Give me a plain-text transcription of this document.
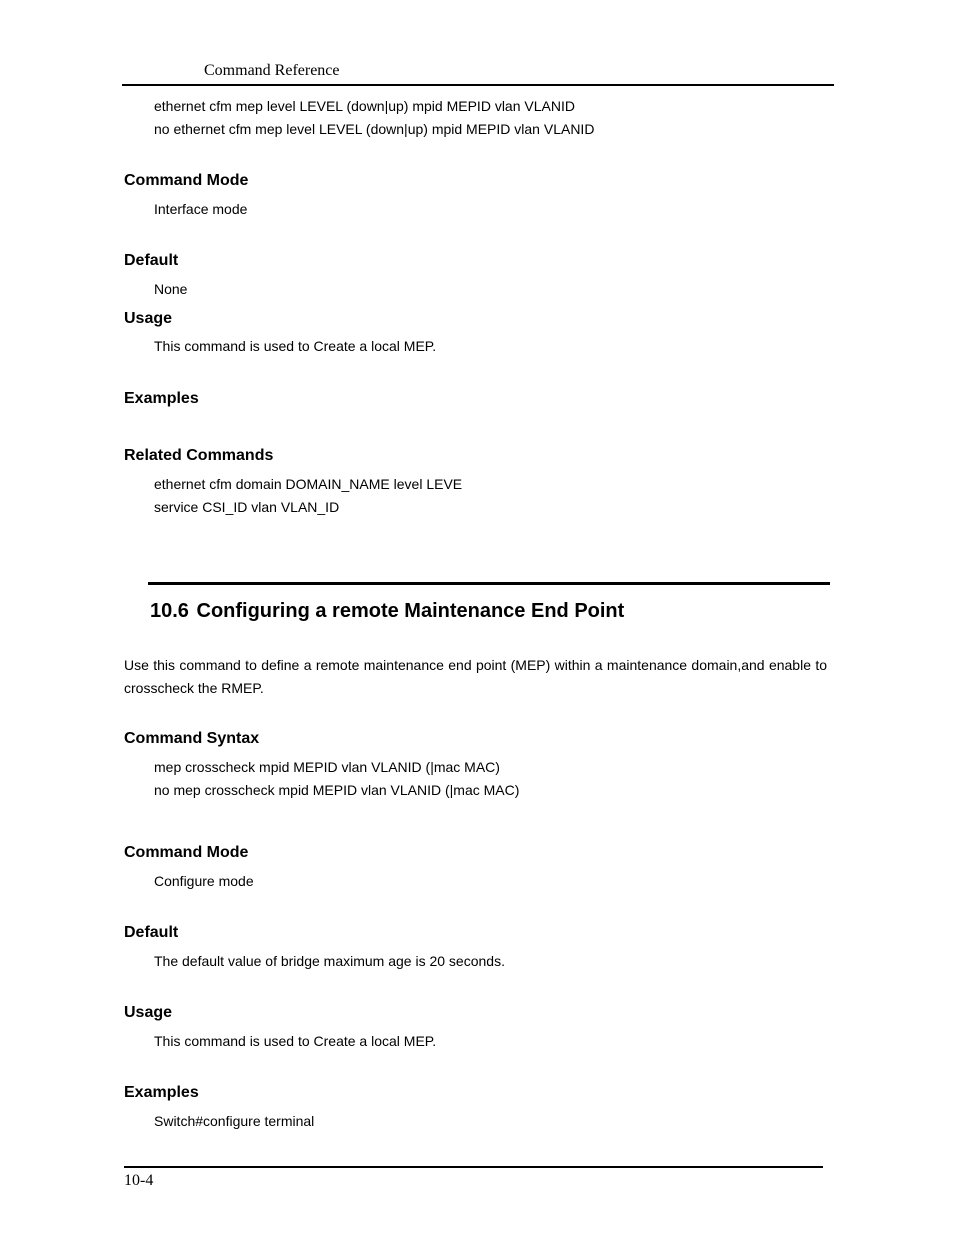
Command Reference
ethernet cfm mep level LEVEL (down|up) mpid MEPID vlan VLANID
no ethernet cfm mep level LEVEL (down|up) mpid MEPID vlan VLANID
Command Mode
Interface mode
Default
None
Usage
This command is used to Create a local MEP.
Examples
Related Commands
ethernet cfm domain DOMAIN_NAME level LEVE
service CSI_ID vlan VLAN_ID
10.6 Configuring a remote Maintenance End Point
Use this command to define a remote maintenance end point (MEP) within a maintenance domain,and enable to crosscheck the RMEP.
Command Syntax
mep crosscheck mpid MEPID vlan VLANID (|mac MAC)
no mep crosscheck mpid MEPID vlan VLANID (|mac MAC)
Command Mode
Configure mode
Default
The default value of bridge maximum age is 20 seconds.
Usage
This command is used to Create a local MEP.
Examples
Switch#configure terminal
10-4
